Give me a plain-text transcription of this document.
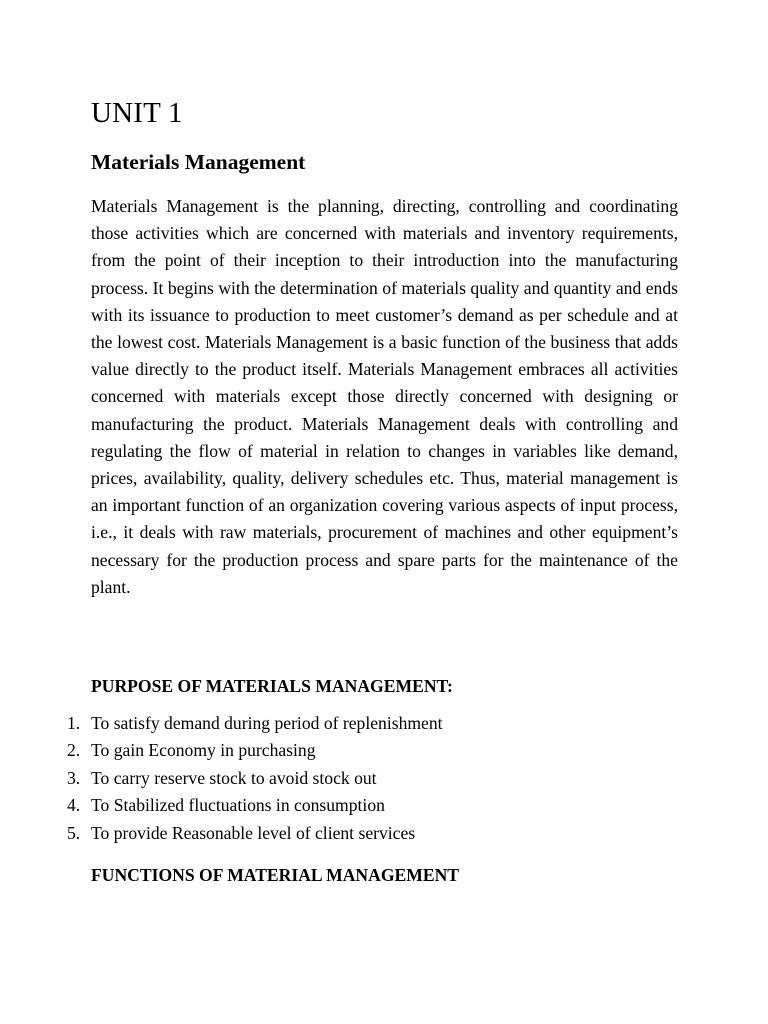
UNIT 1
Materials Management

Materials Management is the planning, directing, controlling and coordinating those activities which are concerned with materials and inventory requirements, from the point of their inception to their introduction into the manufacturing process. It begins with the determination of materials quality and quantity and ends with its issuance to production to meet customer’s demand as per schedule and at the lowest cost. Materials Management is a basic function of the business that adds value directly to the product itself. Materials Management embraces all activities concerned with materials except those directly concerned with designing or manufacturing the product. Materials Management deals with controlling and regulating the flow of material in relation to changes in variables like demand, prices, availability, quality, delivery schedules etc. Thus, material management is an important function of an organization covering various aspects of input process, i.e., it deals with raw materials, procurement of machines and other equipment’s necessary for the production process and spare parts for the maintenance of the plant.

PURPOSE OF MATERIALS MANAGEMENT:
1. To satisfy demand during period of replenishment
2. To gain Economy in purchasing
3. To carry reserve stock to avoid stock out
4. To Stabilized fluctuations in consumption
5. To provide Reasonable level of client services
FUNCTIONS OF MATERIAL MANAGEMENT
